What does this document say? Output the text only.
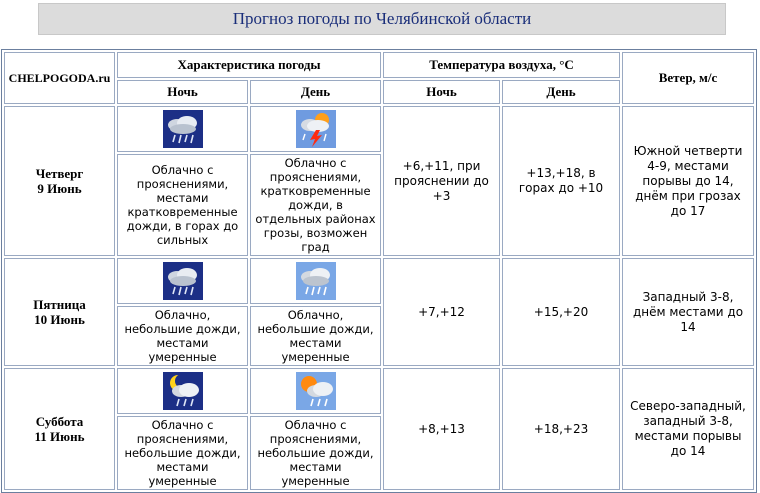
Прогноз погоды по Челябинской области
CHELPOGODA.ru	Характеристика погоды		Температура воздуха, °С		Ветер, м/с
	Ночь	День	Ночь	День	

Четверг
9 Июнь			+6,+11, при прояснении до +3	+13,+18, в горах до +10	Южной четверти 4-9, местами порывы до 14, днём при грозах до 17
	Облачно с прояснениями, местами кратковременные дожди, в горах до сильных	Облачно с прояснениями, кратковременные дожди, в отдельных районах грозы, возможен град			

Пятница
10 Июнь			+7,+12	+15,+20	Западный 3-8, днём местами до 14
	Облачно, небольшие дожди, местами умеренные	Облачно, небольшие дожди, местами умеренные			

Суббота
11 Июнь			+8,+13	+18,+23	Северо-западный, западный 3-8, местами порывы до 14
	Облачно с прояснениями, небольшие дожди, местами умеренные	Облачно с прояснениями, небольшие дожди, местами умеренные			
